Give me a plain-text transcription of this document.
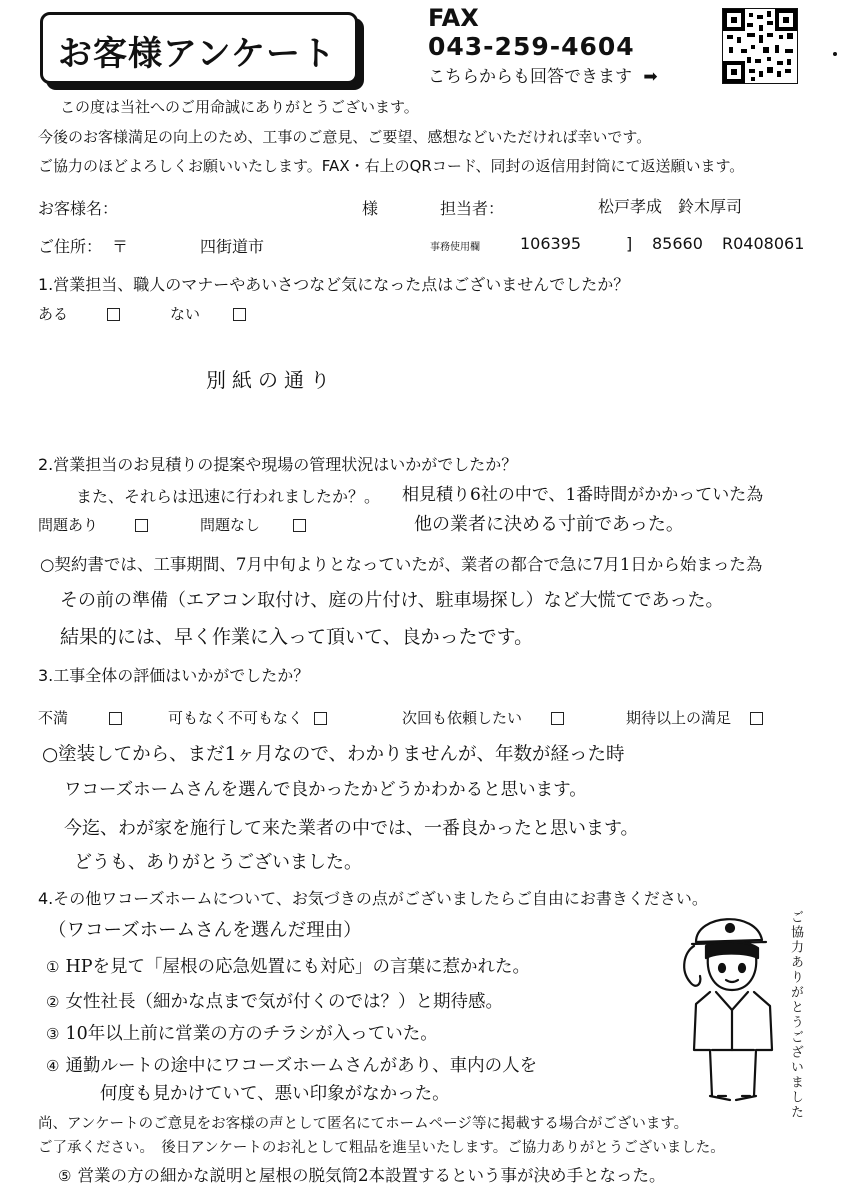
お客様アンケート
FAX
043-259-4604
こちらからも回答できます ➡
この度は当社へのご用命誠にありがとうございます。
今後のお客様満足の向上のため、工事のご意見、ご要望、感想などいただければ幸いです。
ご協力のほどよろしくお願いいたします。FAX・右上のQRコード、同封の返信用封筒にて返送願います。
お客様名：	様	担当者：	松戸孝成　鈴木厚司
ご住所： 〒	四街道市	事務使用欄	106395	] 85660 R0408061
1.営業担当、職人のマナーやあいさつなど気になった点はございませんでしたか？
ある	ない
別紙の通り
2.営業担当のお見積りの提案や現場の管理状況はいかがでしたか？
また、それらは迅速に行われましたか？。 相見積り6社の中で、1番時間がかかっていた為
問題あり	問題なし	他の業者に決める寸前であった。
○契約書では、工事期間、7月中旬よりとなっていたが、業者の都合で急に7月1日から始まった為
その前の準備（エアコン取付け、庭の片付け、駐車場探し）など大慌てであった。
結果的には、早く作業に入って頂いて、良かったです。
3.工事全体の評価はいかがでしたか？
不満	可もなく不可もなく	次回も依頼したい	期待以上の満足
○塗装してから、まだ1ヶ月なので、わかりませんが、年数が経った時
ワコーズホームさんを選んで良かったかどうかわかると思います。
今迄、わが家を施行して来た業者の中では、一番良かったと思います。
どうも、ありがとうございました。
4.その他ワコーズホームについて、お気づきの点がございましたらご自由にお書きください。
（ワコーズホームさんを選んだ理由）
① HPを見て「屋根の応急処置にも対応」の言葉に惹かれた。
② 女性社長（細かな点まで気が付くのでは？）と期待感。
③ 10年以上前に営業の方のチラシが入っていた。
④ 通勤ルートの途中にワコーズホームさんがあり、車内の人を
何度も見かけていて、悪い印象がなかった。	ご協力ありがとうございました
尚、アンケートのご意見をお客様の声として匿名にてホームページ等に掲載する場合がございます。
ご了承ください。　後日アンケートのお礼として粗品を進呈いたします。ご協力ありがとうございました。
⑤ 営業の方の細かな説明と屋根の脱気筒2本設置するという事が決め手となった。
